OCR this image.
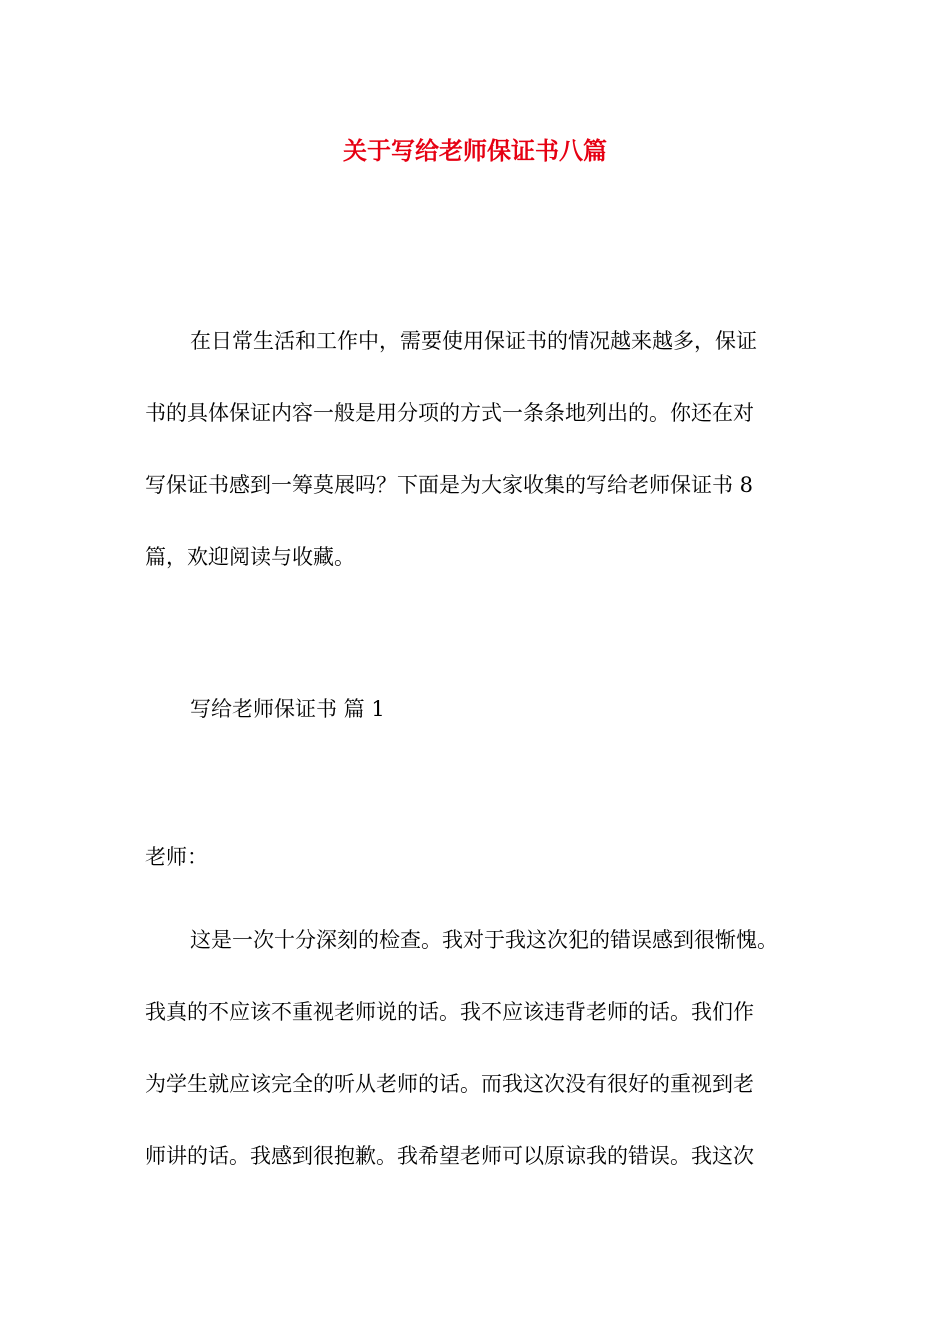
关于写给老师保证书八篇
在日常生活和工作中，需要使用保证书的情况越来越多，保证
书的具体保证内容一般是用分项的方式一条条地列出的。你还在对
写保证书感到一筹莫展吗？下面是为大家收集的写给老师保证书 8
篇，欢迎阅读与收藏。
写给老师保证书 篇 1
老师：
这是一次十分深刻的检查。我对于我这次犯的错误感到很惭愧。
我真的不应该不重视老师说的话。我不应该违背老师的话。我们作
为学生就应该完全的听从老师的话。而我这次没有很好的重视到老
师讲的话。我感到很抱歉。我希望老师可以原谅我的错误。我这次
